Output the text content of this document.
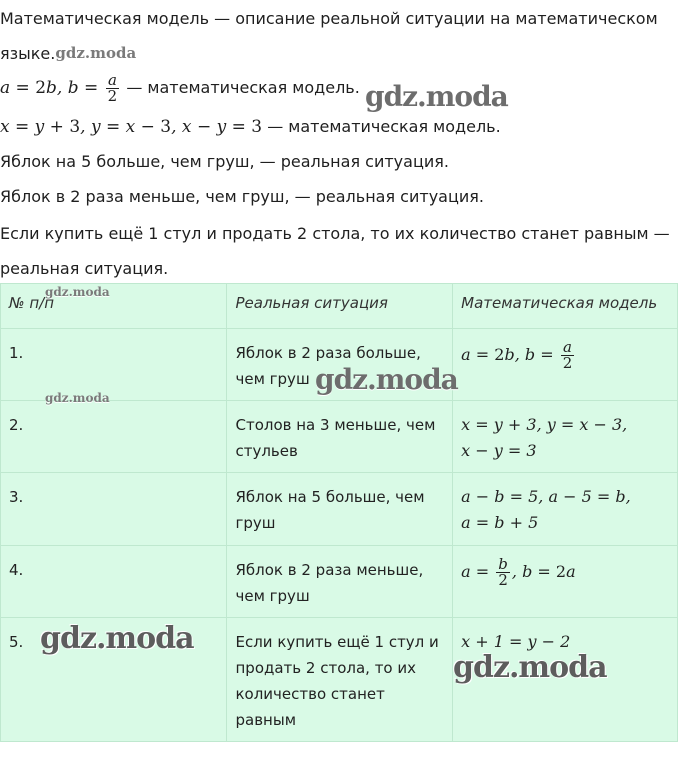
Математическая модель — описание реальной ситуации на математическом
языке.gdz.moda
a = 2b, $b = \frac{a}{2}$ — математическая модель.
x = y + 3, y = x − 3, x − y = 3 — математическая модель.
Яблок на 5 больше, чем груш, — реальная ситуация.
Яблок в 2 раза меньше, чем груш, — реальная ситуация.
Если купить ещё 1 стул и продать 2 стола, то их количество станет равным —
реальная ситуация.
№ п/п	Реальная ситуация	Математическая модель
1.	Яблок в 2 раза больше, чем груш	a = 2b, $b = \frac{a}{2}$

2.	Столов на 3 меньше, чем стульев	x = y + 3, y = x − 3,
x − y = 3
3.	Яблок на 5 больше, чем груш	a − b = 5, a − 5 = b,
a = b + 5
4.	Яблок в 2 раза меньше, чем груш	$a = \frac{b}{2}$ , b = 2a
5.	Если купить ещё 1 стул и продать 2 стола, то их количество станет равным	x + 1 = y − 2
gdz.moda
gdz.moda
gdz.moda
gdz.moda
gdz.moda
gdz.moda
